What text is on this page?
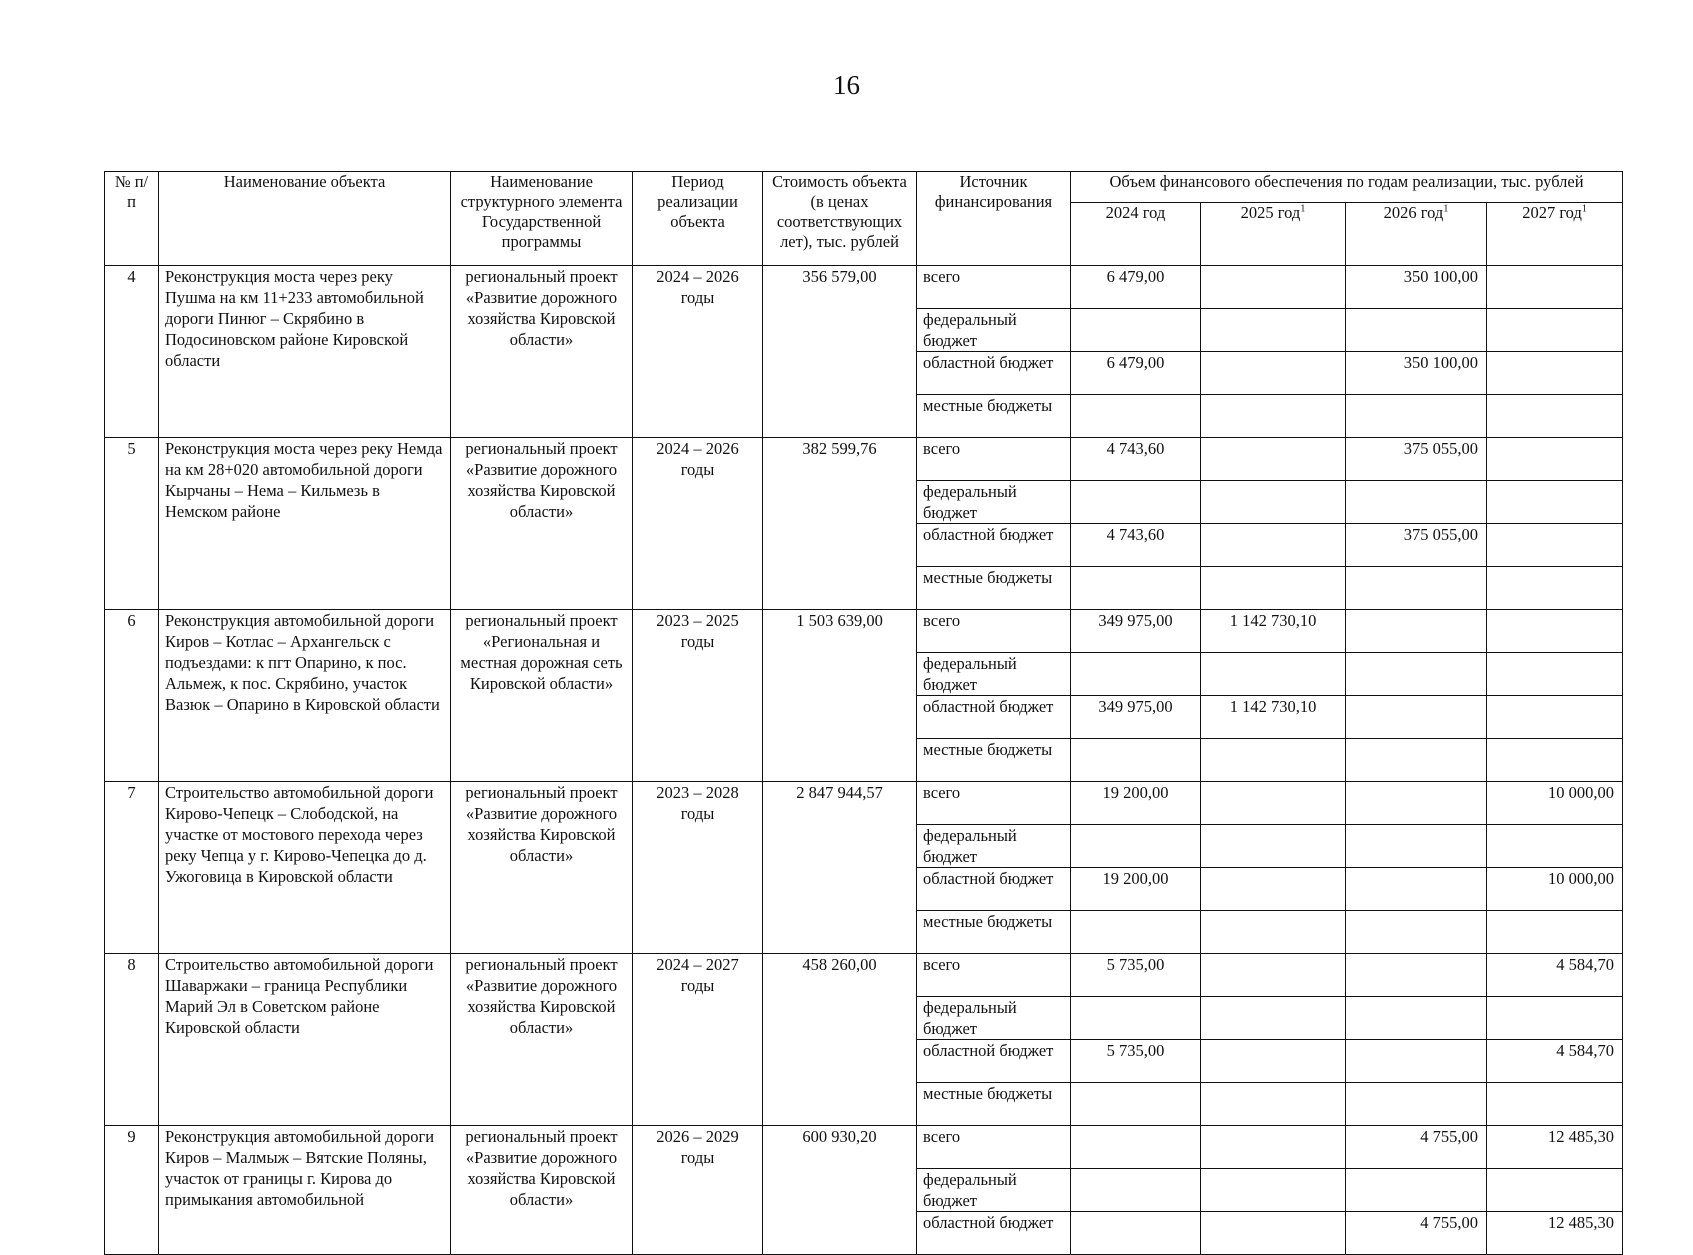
16
№ п/п	Наименование объекта	Наименование структурного элемента Государственной программы	Период реализации объекта	Стоимость объекта (в ценах соответствующих лет), тыс. рублей	Источник финансирования	Объем финансового обеспечения по годам реализации, тыс. рублей			
						2024 год	2025 год$^1$	2026 год$^1$	2027 год$^1$
4	Реконструкция моста через реку Пушма на км 11+233 автомобильной дороги Пинюг – Скрябино в Подосиновском районе Кировской области	региональный проект «Развитие дорожного хозяйства Кировской области»	2024 – 2026 годы	356 579,00	всего	6 479,00		350 100,00	
					федеральный бюджет				
					областной бюджет	6 479,00		350 100,00	
					местные бюджеты				
5	Реконструкция моста через реку Немда на км 28+020 автомобильной дороги Кырчаны – Нема – Кильмезь в Немском районе	региональный проект «Развитие дорожного хозяйства Кировской области»	2024 – 2026 годы	382 599,76	всего	4 743,60		375 055,00	
					федеральный бюджет				
					областной бюджет	4 743,60		375 055,00	
					местные бюджеты				
6	Реконструкция автомобильной дороги Киров – Котлас – Архангельск с подъездами: к пгт Опарино, к пос. Альмеж, к пос. Скрябино, участок Вазюк – Опарино в Кировской области	региональный проект «Региональная и местная дорожная сеть Кировской области»	2023 – 2025 годы	1 503 639,00	всего	349 975,00	1 142 730,10		
					федеральный бюджет				
					областной бюджет	349 975,00	1 142 730,10		
					местные бюджеты				
7	Строительство автомобильной дороги Кирово-Чепецк – Слободской, на участке от мостового перехода через реку Чепца у г. Кирово-Чепецка до д. Ужоговица в Кировской области	региональный проект «Развитие дорожного хозяйства Кировской области»	2023 – 2028 годы	2 847 944,57	всего	19 200,00			10 000,00
					федеральный бюджет				
					областной бюджет	19 200,00			10 000,00
					местные бюджеты				
8	Строительство автомобильной дороги Шаваржаки – граница Республики Марий Эл в Советском районе Кировской области	региональный проект «Развитие дорожного хозяйства Кировской области»	2024 – 2027 годы	458 260,00	всего	5 735,00			4 584,70
					федеральный бюджет				
					областной бюджет	5 735,00			4 584,70
					местные бюджеты				
9	Реконструкция автомобильной дороги Киров – Малмыж – Вятские Поляны, участок от границы г. Кирова до примыкания автомобильной	региональный проект «Развитие дорожного хозяйства Кировской области»	2026 – 2029 годы	600 930,20	всего			4 755,00	12 485,30
					федеральный бюджет				
					областной бюджет			4 755,00	12 485,30
